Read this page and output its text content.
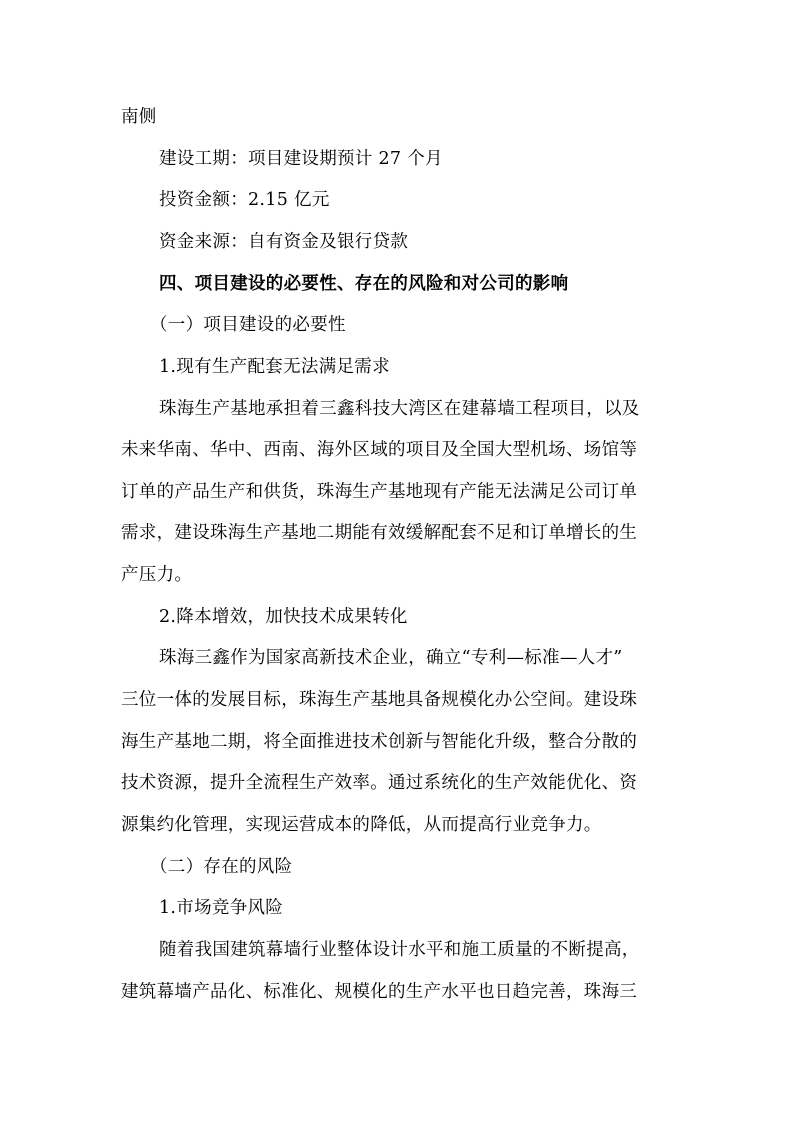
南侧
建设工期：项目建设期预计 27 个月
投资金额：2.15 亿元
资金来源：自有资金及银行贷款
四、项目建设的必要性、存在的风险和对公司的影响
（一）项目建设的必要性
1.现有生产配套无法满足需求
珠海生产基地承担着三鑫科技大湾区在建幕墙工程项目，以及
未来华南、华中、西南、海外区域的项目及全国大型机场、场馆等
订单的产品生产和供货，珠海生产基地现有产能无法满足公司订单
需求，建设珠海生产基地二期能有效缓解配套不足和订单增长的生
产压力。
2.降本增效，加快技术成果转化
珠海三鑫作为国家高新技术企业，确立“专利—标准—人才”
三位一体的发展目标，珠海生产基地具备规模化办公空间。建设珠
海生产基地二期，将全面推进技术创新与智能化升级，整合分散的
技术资源，提升全流程生产效率。通过系统化的生产效能优化、资
源集约化管理，实现运营成本的降低，从而提高行业竞争力。
（二）存在的风险
1.市场竞争风险
随着我国建筑幕墙行业整体设计水平和施工质量的不断提高，
建筑幕墙产品化、标准化、规模化的生产水平也日趋完善，珠海三
